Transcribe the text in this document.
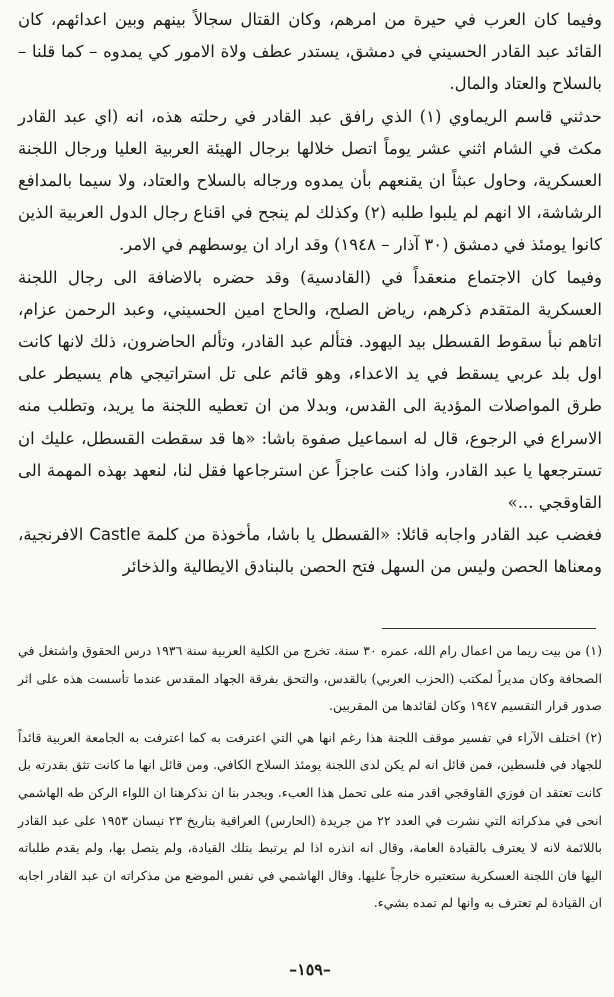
وفيما كان العرب في حيرة من امرهم، وكان القتال سجالاً بينهم وبين اعدائهم، كان القائد عبد القادر الحسيني في دمشق، يستدر عطف ولاة الامور كي يمدوه – كما قلنا – بالسلاح والعتاد والمال.

حدثني قاسم الريماوي (١) الذي رافق عبد القادر في رحلته هذه، انه (اي عبد القادر مكث في الشام اثني عشر يوماً اتصل خلالها برجال الهيئة العربية العليا ورجال اللجنة العسكرية، وحاول عبثاً ان يقنعهم بأن يمدوه ورجاله بالسلاح والعتاد، ولا سيما بالمدافع الرشاشة، الا انهم لم يلبوا طلبه (٢) وكذلك لم ينجح في اقناع رجال الدول العربية الذين كانوا يومئذ في دمشق (٣٠ آذار – ١٩٤٨) وقد اراد ان يوسطهم في الامر.

وفيما كان الاجتماع منعقداً في (القادسية) وقد حضره بالاضافة الى رجال اللجنة العسكرية المتقدم ذكرهم، رياض الصلح، والحاج امين الحسيني، وعبد الرحمن عزام، اتاهم نبأ سقوط القسطل بيد اليهود. فتألم عبد القادر، وتألم الحاضرون، ذلك لانها كانت اول بلد عربي يسقط في يد الاعداء، وهو قائم على تل استراتيجي هام يسيطر على طرق المواصلات المؤدية الى القدس، وبدلا من ان تعطيه اللجنة ما يريد، وتطلب منه الاسراع في الرجوع، قال له اسماعيل صفوة باشا: «ها قد سقطت القسطل، عليك ان تسترجعها يا عبد القادر، واذا كنت عاجزاً عن استرجاعها فقل لنا، لنعهد بهذه المهمة الى القاوقجي ...»

فغضب عبد القادر واجابه قائلا: «القسطل يا باشا، مأخوذة من كلمة Castle الافرنجية، ومعناها الحصن وليس من السهل فتح الحصن بالبنادق الايطالية والذخائر

(١) من بيت ريما من اعمال رام الله، عمره ٣٠ سنة. تخرج من الكلية العربية سنة ١٩٣٦ درس الحقوق واشتغل في الصحافة وكان مديراً لمكتب (الحزب العربي) بالقدس، والتحق بفرقة الجهاد المقدس عندما تأسست هذه على اثر صدور قرار التقسيم ١٩٤٧ وكان لقائدها من المقربين.

(٢) اختلف الآراء في تفسير موقف اللجنة هذا رغم انها هي التي اعترفت به كما اعترفت به الجامعة العربية قائداً للجهاد في فلسطين، فمن قائل انه لم يكن لدى اللجنة يومئذ السلاح الكافي. ومن قائل انها ما كانت تثق بقدرته بل كانت تعتقد ان فوزي القاوقجي اقدر منه على تحمل هذا العبء. ويجدر بنا ان نذكرهنا ان اللواء الركن طه الهاشمي انحى في مذكراته التي نشرت في العدد ٢٢ من جريدة (الحارس) العراقية بتاريخ ٢٣ نيسان ١٩٥٣ على عبد القادر باللائمة لانه لا يعترف بالقيادة العامة، وقال انه انذره اذا لم يرتبط بتلك القيادة، ولم يتصل بها، ولم يقدم طلباته اليها فان اللجنة العسكرية ستعتبره خارجاً عليها. وقال الهاشمي في نفس الموضع من مذكراته ان عبد القادر اجابه ان القيادة لم تعترف به وانها لم تمده بشيء.

–١٥٩–
